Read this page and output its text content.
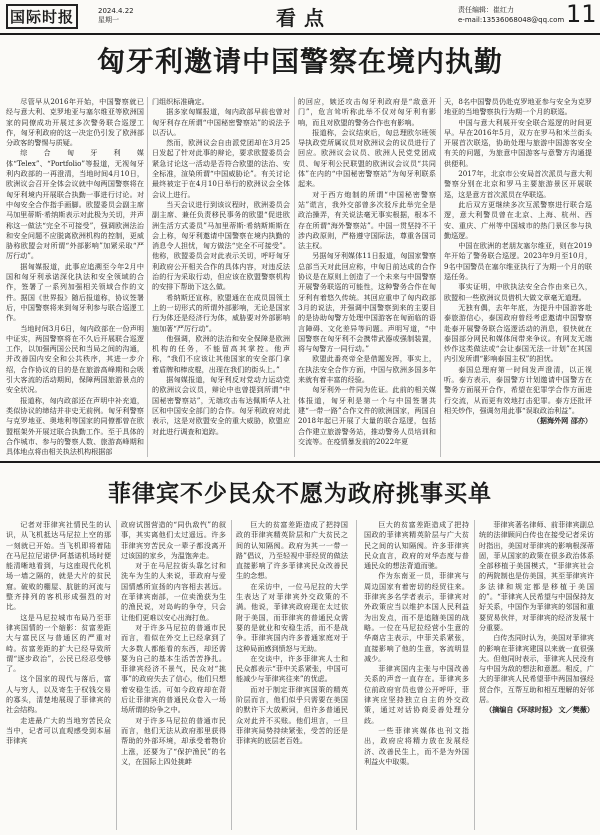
国际时报	2024.4.22
星期一	看点	责任编辑：崔红力
e-mail:13536068048@qq.com 11
匈牙利邀请中国警察在境内执勤

尽管早从2016年开始，中国警察就已经与意大利、克罗地亚与塞尔维亚等欧洲国家的同僚成功开展过多次警务联合巡逻工作，匈牙利政府的这一决定仍引发了欧洲部分政客的警惕与质疑。

综合匈牙利媒体“Telex”、“Portfolio”等报道，无视匈牙利内政部的一再澄清，当地时间4月10日，欧洲议会召开全体会议就中匈两国警察将在匈牙利境内开展联合执勤一事进行讨论。对中匈安全合作指手画脚。欧盟委员会副主席马加里蒂斯·希纳斯表示对此极为关切，并声称这一做法“完全不可接受”，强调欧洲法治和安全问题不应脱离欧洲机构的控制，更威胁称欧盟会对所谓“外部影响”加紧采取“严厉行动”。

据匈媒报道，此事应追溯至今年2月中国和匈牙利承诺深化执法和安全领域的合作，签署了一系列加强相关领域合作的文件。据国《世界报》随后报道称，协议签署后，中国警察将来到匈牙利参与联合巡逻工作。

当地时间3月6日，匈内政部在一份声明中证实，两国警察将在不久后开展联合巡逻工作，以加强两国公民和当局之间的沟通，并改善国内安全和公共秩序，其进一步介绍，合作协议的目的是在旅游高峰期和会吸引大客流的活动期间，保障两国旅游景点的安全状况。

报道称，匈内政部还在声明中补充道，类似协议的缔结并非史无前例。匈牙利警察与克罗地亚、奥地利等国家的同僚都曾在欧盟框架外开展过联合执勤工作。至于具体的合作城市、参与的警察人数、旅游高峰期和具体地点将由相关执法机构根据部

门组织标准确定。

据多家匈媒报道，匈内政部早前也曾对匈牙利存在所谓“中国秘密警察站”的说法予以否认。

然而，欧洲议会自由派党团却在3月25日发起了针对此事的辩论，要求欧盟委员会紧急讨论这一活动是否符合欧盟的法治、安全标准，渲染所谓“中国威胁论”。有关讨论最终被定于在4月10日举行的欧洲议会全体会议上进行。

当天会议进行到该议程时，欧洲委员会副主席、兼任负责移民事务的欧盟“促进欧洲生活方式委员”马加里蒂斯·希纳斯斯斯在会上称，匈牙利邀请中国警察在境内执勤的消息令人担忧，匈方做法“完全不可接受”。他称，欧盟委员会对此表示关切，呼吁匈牙利政府公开相关合作的具体内容，对违反法治的行为采取行动，但应该在欧盟警察机构的安排下帮助下这么做。

希纳斯还宣称，欧盟通在在成员国领土上的一切形式的所谓外部影响，无论是国家行为体还是经济行为体，威胁要对外部影响施加著“严厉行动”。

他强调，欧洲的法治和安全保障是欧洲机构的任务，不能留高其掌控。他声称，“我们不应该让其他国家的安全部门拿着盾牌和棒皮棍，出现在我们的街头上。”

据匈媒报道，匈牙利反对党动力运动党的欧洲议会议员，辩论中也曾提到所谓“中国秘密警察站”，无端攻击布达佩斯华人社区和中国安全部门的合作。匈牙利政府对此表示，这是对欧盟安全的重大威胁，欧盟应对此进行调查和追踪。

的回应，嫉还攻击匈牙利政府是“敌意开门”，危言耸听称此举不仅对匈牙利有影响，而且对欧盟的警务合作也有影响。

报道称，会议结束后，匈总理欧尔班领导执政党所属议员对欧洲议会的议员进行了回应。欧洲议会议员、欧洲人民党党团成员、匈牙利公民联盟的欧洲议会议员“共同体”在内的“中国秘密警察站”为匈牙利联系起来。

对于西方炮制的所谓“中国秘密警察站”谎言，我外交部曾多次驳斥此举完全是政治操弄，有关说法毫无事实根据，根本不存在所谓“海外警察站”。中国一贯坚持不干涉内政原则，严格遵守国际法，尊重各国司法主权。

另据匈牙利媒体11日报道，匈国家警察总部当天对此回应称，中匈日前达成的合作协议是在原则上创造了一个未来与中国警察开展警务联巡的可能性，这种警务合作在匈牙利有着悠久传统。其回应重申了匈内政部3月的说法，并强调中国警察到来的主要目的是协助匈警方处理中国游客在匈面临的语言障碍、文化差异等问题。声明写道，“中国警察在匈牙利不会携带武器或强制装置，将与匈警方一同行动。”

欧盟此番亮帝全是借题发挥，事实上，在执法安全合作方面，中国与欧洲多国多年来就有着丰富的经验。

匈牙利外一件同为佐证。此前的相关媒体报道，匈牙利是第一个与中国签署共建“一带一路”合作文件的欧洲国家，两国自2018年起已开展了大量的联合巡逻，包括合作建立旅游警务站，推动警务人员培训和交流等。在疫情暴发前的2022年夏

天，8名中国警员仍赴克罗地亚参与安全为克罗地亚的当地警察执行为期一个月的联巡。

中国与意大利展开安全联合巡逻的时间更早。早在2016年5月，双方在罗马和米兰街头开展首次联巡，协助处理与旅游中国游客安全有关的问题，为旅意中国游客与意警方沟通提供便利。

2017年，北京市公安局首次派员与意大利警察分别在北京和罗马主要旅游景区开展联巡，这是意方首次派员在华联巡。

此后双方更继续多次互派警察进行联合巡逻，意大利警员曾在北京、上海、杭州、西安、重庆、广州等中国城市的热门景区参与执勤巡逻。

中国在欧洲的老朋友塞尔维亚，则在2019年开始了警务联合巡逻。2023年9月至10月，9名中国警员在塞尔维亚执行了为期一个月的联巡任务。

事实证明，中欧执法安全合作由来已久，欧盟和一些欧洲议员借机大做文章毫无道理。

无独有偶，去年年底，为提升中国游客赴泰旅游信心，泰国政府曾经考虑邀请中国警察赴泰开展警务联合巡逻活动的消息，很快就在泰国部分网民和媒体间带来争议。有网友无端炒作这类做法或“会让泰国无法一计划”在其国内引发所谓“影响泰国主权”的担忧。

泰国总理府第一时间发声澄清，以正视听。泰方表示，泰国警方计划邀请中国警方在警务方面展开合作，希望在犯罪学合作方面进行交流，从而更有效地打击犯罪。泰方还批评相关炒作，强调勿用此事“误取政治利益”。

（据海外网 邵亦）

菲律宾不少民众不愿为政府挑事买单

记者对菲律宾社情民生的认识，从飞机抵达马尼拉上空的那一刻就已开始。当飞机即将着陆在马尼拉尼诺伊·阿基诺机场时便能清晰地看到，与这座现代化机场一墙之隔的，就是大片的贫民窟。破败的棚屋、肮脏的河流与整齐排列的客机形成强烈的对比。

这是马尼拉城市布局乃至菲律宾国情的一个缩影：贫富差距大与富民区与普通区的严重对峙。贫富差距的扩大已经导致所谓“逐步政治”，公民已经忍受够了。

这个国家的现代与落后，富人与穷人，以及寄生于权钱交易的寡头，清楚地展现了菲律宾的社会结构。

走进最广大的当地穷苦民众当中，记者可以直观感受到本届菲律宾

政府试图营造的“同仇敌忾”的叙事，其实离他们太过遥远。许多菲律宾穷苦民众一辈子都没离开过该国的家乡，为温饱奔走。

对于在马尼拉街头靠乞讨和洗车为生的人来说，菲政府与爱国情感所宣扬的内容相去甚远。在菲律宾南部，一位卖渔获为生的渔民说，对岛屿的争夺，只会让他们更难以安心出海打鱼。

对于许多马尼拉的普通市民而言，看似在外交上已经拿到了大多数人都能看的东西，却还需要为自己的基本生活苦苦挣扎。菲律宾经济不景气，民众对“挑事”的政府失去了信心，他们只想着安稳生活。可如今政府却在背后让菲律宾的普通民众卷入一场场所谓的纷争之中。

对于许多马尼拉的普通市民而言，他们无法从政府那里获得帮助的外部环境，却承受着物价上涨，还要为了“保护渔民”的名义，在国际上四处挑衅

巨大的贫富差距造成了把持国政的菲律宾精英阶层和广大贫民之间的认知隔阂。政府为其一一带一路”倡议，乃至轻视中菲经贸的做法直接影响了许多菲律宾民众改善民生的念想。

在采访中，一位马尼拉的大学生表达了对菲律宾外交政策的不满。他说，菲律宾政府现在太过依附于美国，而菲律宾的普通民众需要的是就业和安稳生活，而不是战争。菲律宾国内许多普通家庭对于这种局面感到愤怒与无助。

在交谈中，许多菲律宾人士和民众都表示“菲中关系紧张，中国可能减少与菲律宾往来”的忧虑。

而对于制定菲律宾国策的精英阶层而言，他们似乎只需要在美国的默许下大放厥词，但许多普通民众对此并不买账。他们坦言，一旦菲律宾局势持续紧张，受苦的还是菲律宾的底层老百姓。

巨大的贫富差距造成了把持国政的菲律宾精英阶层与广大贫民之间的认知隔阂。许多菲律宾民众直言，政府的对华态度与普通民众的想法背道而驰。

作为东南亚一员，菲律宾与周边国家有着密切的经贸往来。菲律宾多名学者表示，菲律宾对外政策应当以维护本国人民利益为出发点，而不是追随美国的战略。一位在马尼拉经营小生意的华裔店主表示，中菲关系紧张，直接影响了他的生意，客流明显减少。

菲律宾国内主张与中国改善关系的声音一直存在。菲律宾多位前政府官员也曾公开呼吁，菲律宾应坚持独立自主的外交政策，通过对话协商妥善处理分歧。

一些菲律宾媒体也刊文指出，政府应将精力放在发展经济、改善民生上，而不是为外国利益火中取栗。

菲律宾著名律师、前菲律宾副总统的法律顾问白传也在接受记者采访时指出，美国对菲律宾的影响根深蒂固，菲从国家的政策在很多政治体系全部移植于美国模式，“菲律宾社会的两院制也是仿美国，其至菲律宾许多法律和规定都是移植于美国的”。“菲律宾人民希望与中国保持友好关系，中国作为菲律宾的邻国和重要贸易伙伴，对菲律宾的经济发展十分重要。

白传杰同时认为，美国对菲律宾的影响在菲律宾建国以来就一直很强大。但他同时表示，菲律宾人民没有与中国为敌的想法和意愿。相反，广大的菲律宾人民希望菲中两国加强经贸合作，互帮互助和相互理解的好邻居。

（摘编自《环球时报》 文／樊薇）
